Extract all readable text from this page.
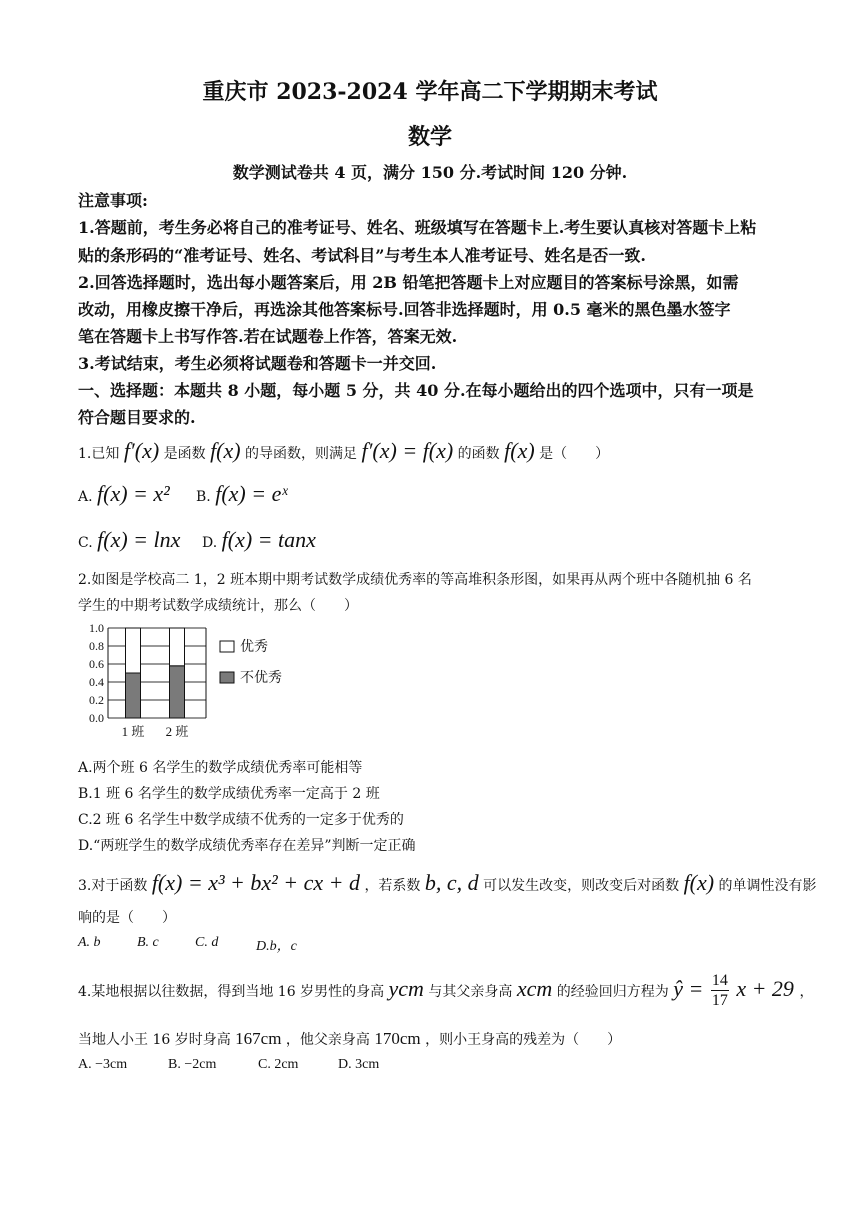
重庆市 2023-2024 学年高二下学期期末考试
数学
数学测试卷共 4 页，满分 150 分.考试时间 120 分钟.
注意事项:
1.答题前，考生务必将自己的准考证号、姓名、班级填写在答题卡上.考生要认真核对答题卡上粘
贴的条形码的“准考证号、姓名、考试科目”与考生本人准考证号、姓名是否一致.
2.回答选择题时，选出每小题答案后，用 2B 铅笔把答题卡上对应题目的答案标号涂黑，如需
改动，用橡皮擦干净后，再选涂其他答案标号.回答非选择题时，用 0.5 毫米的黑色墨水签字
笔在答题卡上书写作答.若在试题卷上作答，答案无效.
3.考试结束，考生必须将试题卷和答题卡一并交回.
一、选择题：本题共 8 小题，每小题 5 分，共 40 分.在每小题给出的四个选项中，只有一项是
符合题目要求的.
1.已知 f′(x) 是函数 f(x) 的导函数，则满足 f′(x) = f(x) 的函数 f(x) 是（　　）
A. f(x) = x² B. f(x) = eˣ
C. f(x) = lnx D. f(x) = tanx
2.如图是学校高二 1，2 班本期中期考试数学成绩优秀率的等高堆积条形图，如果再从两个班中各随机抽 6 名
学生的中期考试数学成绩统计，那么（　　）
1.0
0.8
0.6
0.4
0.2
0.0
1 班 2 班
优秀
不优秀
A.两个班 6 名学生的数学成绩优秀率可能相等
B.1 班 6 名学生的数学成绩优秀率一定高于 2 班
C.2 班 6 名学生中数学成绩不优秀的一定多于优秀的
D.“两班学生的数学成绩优秀率存在差异”判断一定正确
3.对于函数 f(x) = x³ + bx² + cx + d ，若系数 b, c, d 可以发生改变，则改变后对函数 f(x) 的单调性没有影
响的是（　　）
A. b	B. c	C. d	D.b，c
4.某地根据以往数据，得到当地 16 岁男性的身高 ycm 与其父亲身高 xcm 的经验回归方程为 ŷ = $\frac{14}{17}$ x + 29 ，
当地人小王 16 岁时身高 167cm ，他父亲身高 170cm ，则小王身高的残差为（　　）
A. −3cm	B. −2cm	C. 2cm	D. 3cm
